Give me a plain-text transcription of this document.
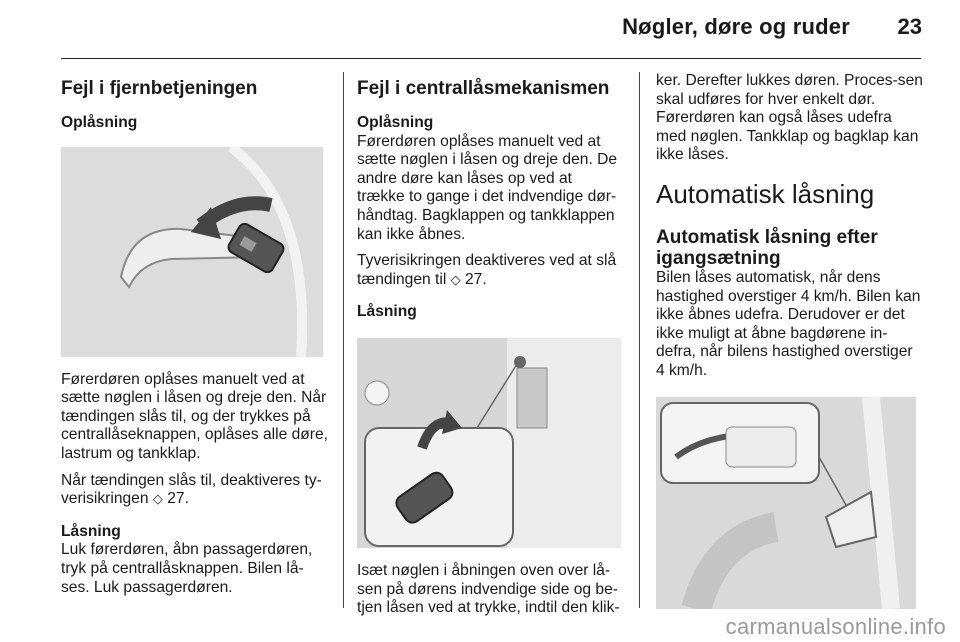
Nøgler, døre og ruder	23
Fejl i fjernbetjeningen
Oplåsning

Førerdøren oplåses manuelt ved at sætte nøglen i låsen og dreje den. Når tændingen slås til, og der trykkes på centrallåseknappen, oplåses alle døre, lastrum og tankklap.

Når tændingen slås til, deaktiveres ty-verisikringen ◇ 27.

Låsning

Luk førerdøren, åbn passagerdøren, tryk på centrallåsknappen. Bilen lå-ses. Luk passagerdøren.

Fejl i centrallåsmekanismen
Oplåsning

Førerdøren oplåses manuelt ved at sætte nøglen i låsen og dreje den. De andre døre kan låses op ved at trække to gange i det indvendige dør-håndtag. Bagklappen og tankklappen kan ikke åbnes.

Tyverisikringen deaktiveres ved at slå tændingen til ◇ 27.

Låsning

Isæt nøglen i åbningen oven over lå-sen på dørens indvendige side og be-tjen låsen ved at trykke, indtil den klik-

ker. Derefter lukkes døren. Proces-sen skal udføres for hver enkelt dør. Førerdøren kan også låses udefra med nøglen. Tankklap og bagklap kan ikke låses.

Automatisk låsning
Automatisk låsning efter igangsætning

Bilen låses automatisk, når dens hastighed overstiger 4 km/h. Bilen kan ikke åbnes udefra. Derudover er det ikke muligt at åbne bagdørene in-defra, når bilens hastighed overstiger 4 km/h.

carmanualsonline.info
